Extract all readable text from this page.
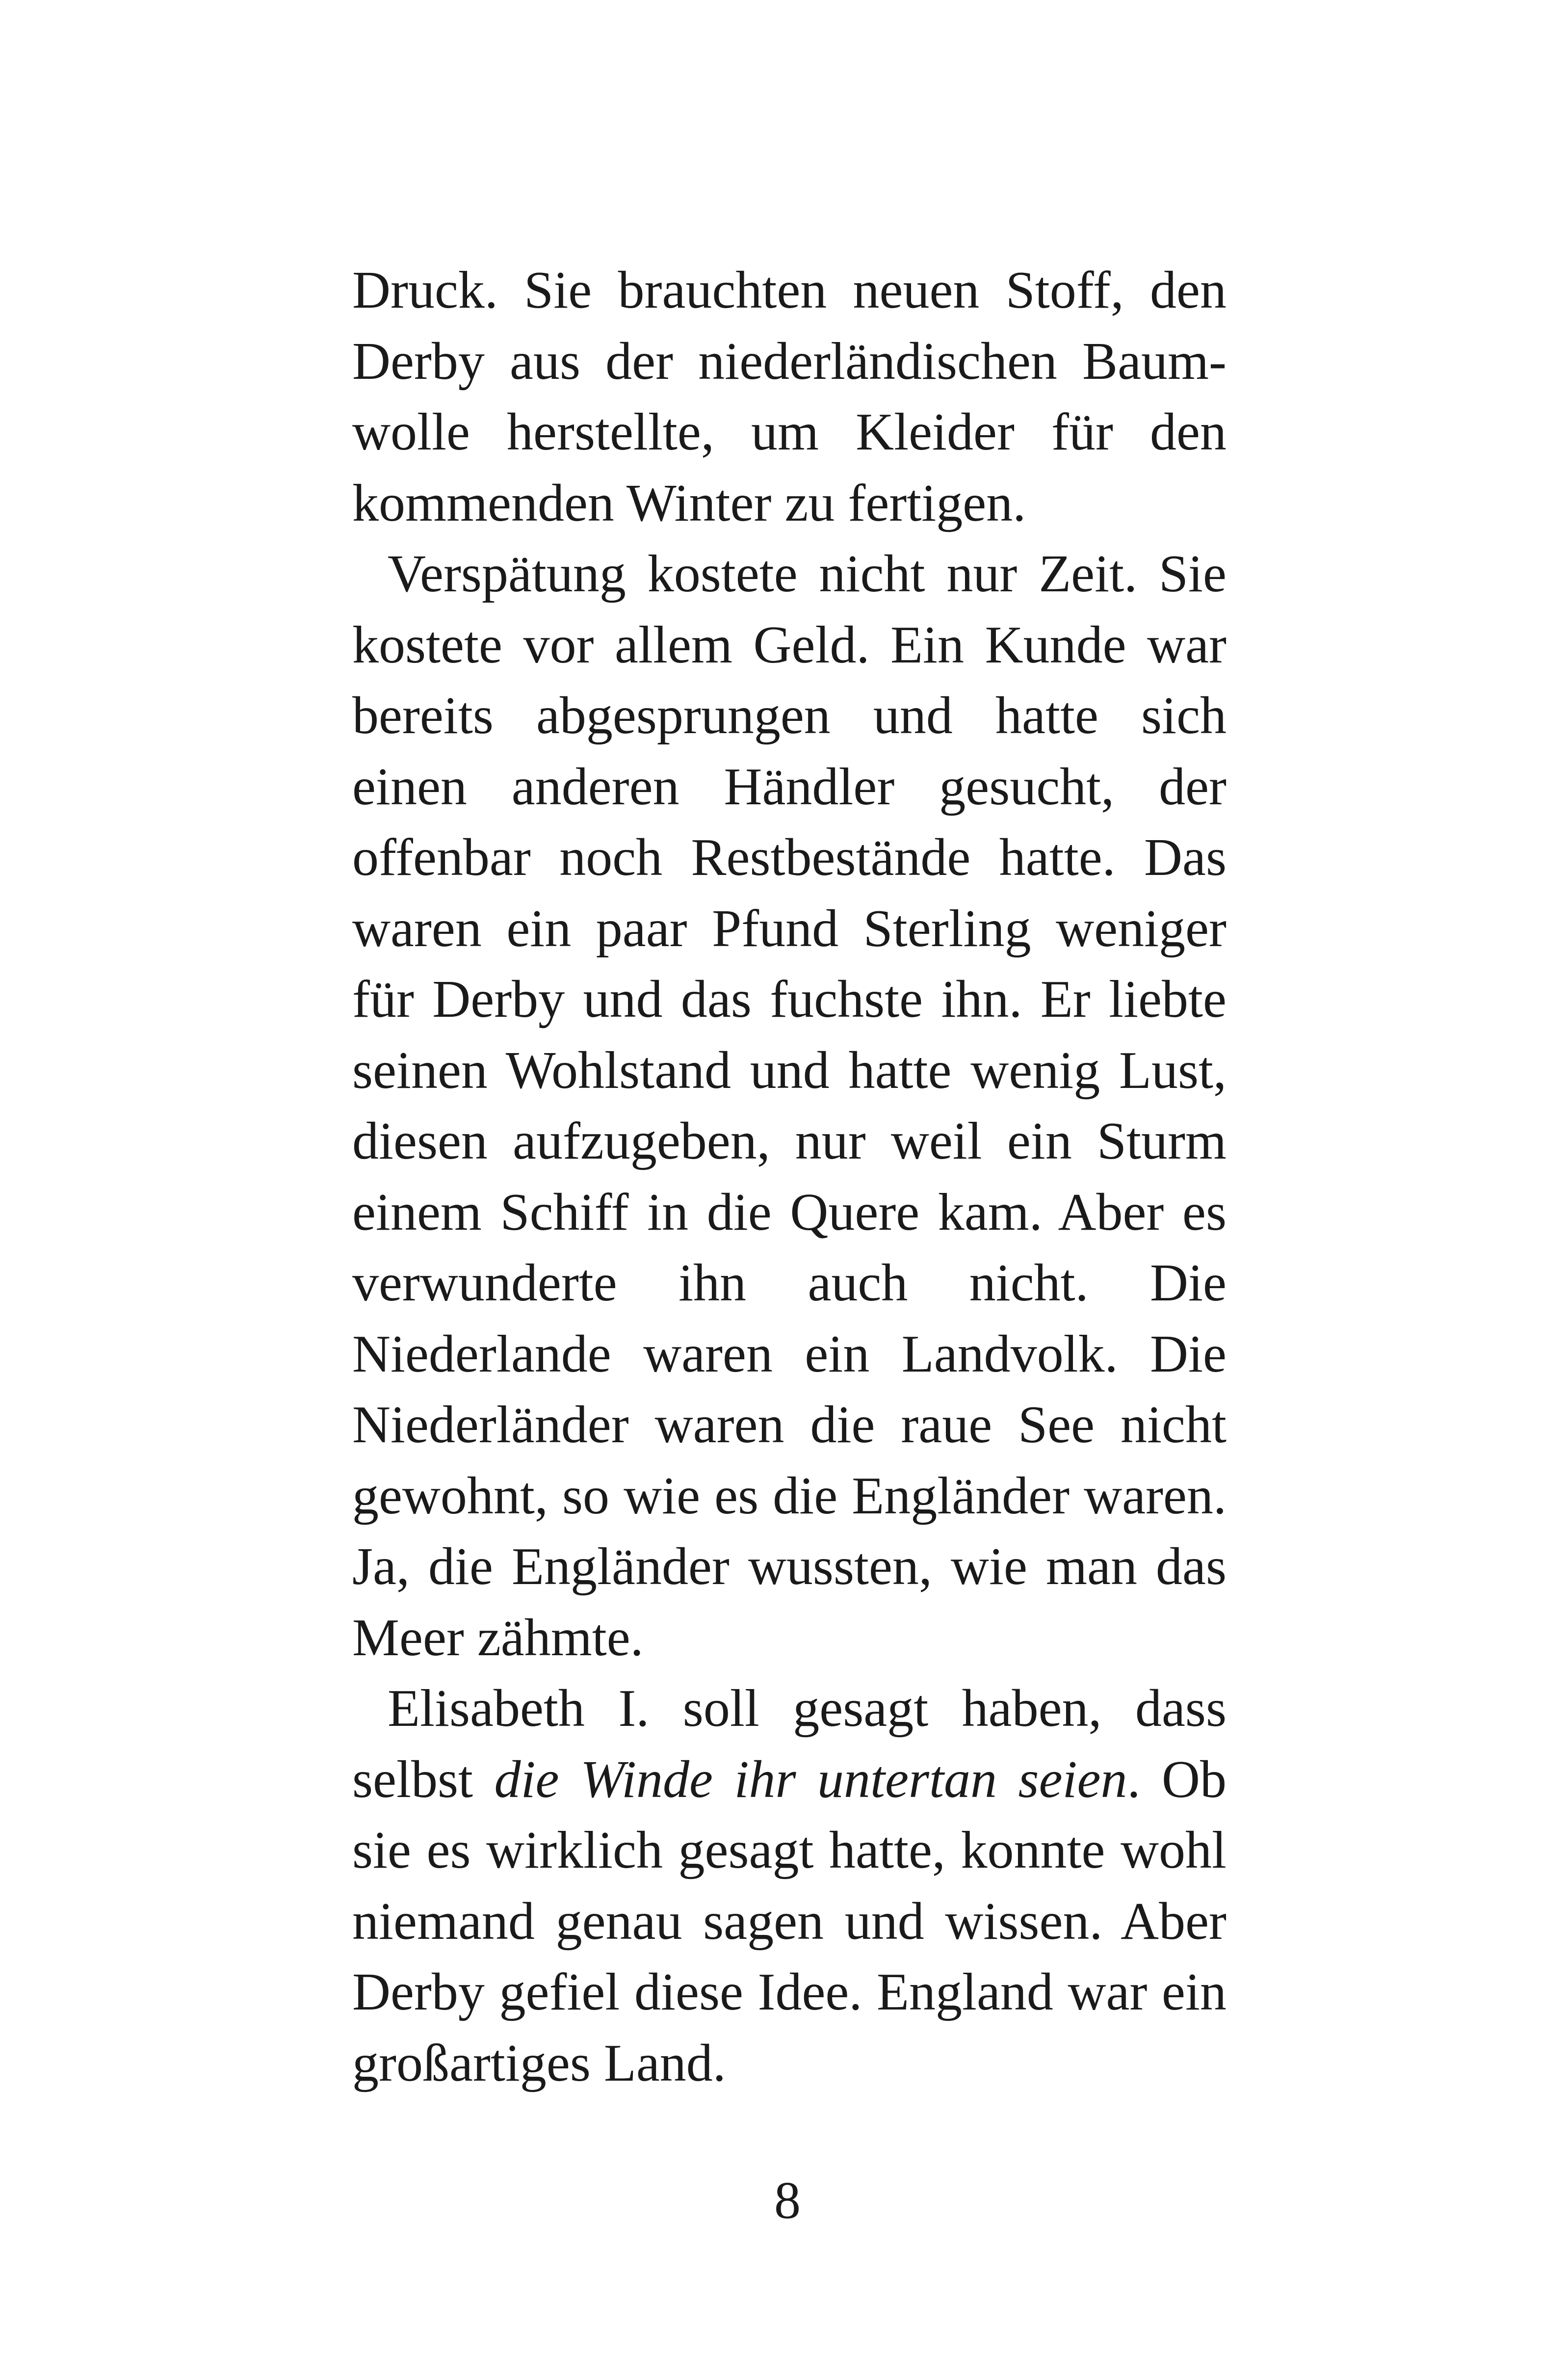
Druck. Sie brauchten neuen Stoff, den Derby aus der niederländischen Baumwolle herstellte, um Kleider für den kommenden Winter zu fertigen.

Verspätung kostete nicht nur Zeit. Sie kostete vor allem Geld. Ein Kunde war bereits abgesprungen und hatte sich einen anderen Händler gesucht, der offenbar noch Restbestände hatte. Das waren ein paar Pfund Sterling weniger für Derby und das fuchste ihn. Er liebte seinen Wohlstand und hatte wenig Lust, diesen aufzugeben, nur weil ein Sturm einem Schiff in die Quere kam. Aber es verwunderte ihn auch nicht. Die Niederlande waren ein Landvolk. Die Niederländer waren die raue See nicht gewohnt, so wie es die Engländer waren. Ja, die Engländer wussten, wie man das Meer zähmte.

Elisabeth I. soll gesagt haben, dass selbst die Winde ihr untertan seien. Ob sie es wirklich gesagt hatte, konnte wohl niemand genau sagen und wissen. Aber Derby gefiel diese Idee. England war ein großartiges Land.

8
